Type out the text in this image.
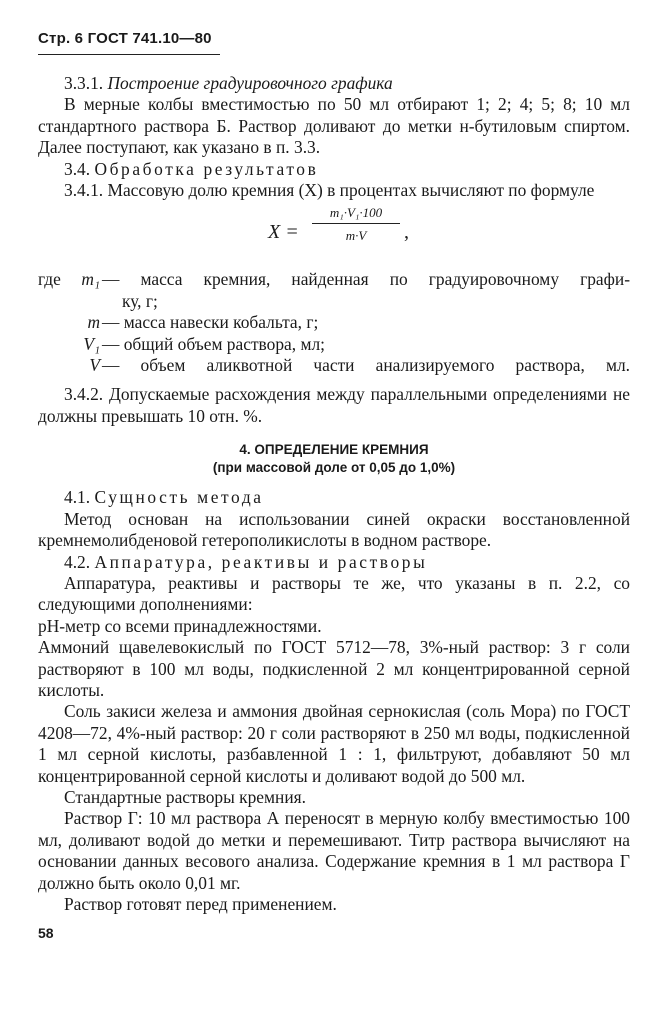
Стр. 6 ГОСТ 741.10—80

3.3.1. Построение градуировочного графика

В мерные колбы вместимостью по 50 мл отбирают 1; 2; 4; 5; 8; 10 мл стандартного раствора Б. Раствор доливают до метки н-бутиловым спиртом. Далее поступают, как указано в п. 3.3.

3.4. Обработка результатов

3.4.1. Массовую долю кремния (X) в процентах вычисляют по формуле

X =
m₁·V₁·100
m·V	,
где	m₁ — масса кремния, найденная по градуировочному графи-
ку, г;
m — масса навески кобальта, г;
V₁ — общий объем раствора, мл;
V — объем аликвотной части анализируемого раствора, мл.

3.4.2. Допускаемые расхождения между параллельными определениями не должны превышать 10 отн. %.

4. ОПРЕДЕЛЕНИЕ КРЕМНИЯ
(при массовой доле от 0,05 до 1,0%)

4.1. Сущность метода

Метод основан на использовании синей окраски восстановленной кремнемолибденовой гетерополикислоты в водном растворе.

4.2. Аппаратура, реактивы и растворы

Аппаратура, реактивы и растворы те же, что указаны в п. 2.2, со следующими дополнениями:

рН-метр со всеми принадлежностями.

Аммоний щавелевокислый по ГОСТ 5712—78, 3%-ный раствор: 3 г соли растворяют в 100 мл воды, подкисленной 2 мл концентрированной серной кислоты.

Соль закиси железа и аммония двойная сернокислая (соль Мора) по ГОСТ 4208—72, 4%-ный раствор: 20 г соли растворяют в 250 мл воды, подкисленной 1 мл серной кислоты, разбавленной 1 : 1, фильтруют, добавляют 50 мл концентрированной серной кислоты и доливают водой до 500 мл.

Стандартные растворы кремния.

Раствор Г: 10 мл раствора А переносят в мерную колбу вместимостью 100 мл, доливают водой до метки и перемешивают. Титр раствора вычисляют на основании данных весового анализа. Содержание кремния в 1 мл раствора Г должно быть около 0,01 мг.

Раствор готовят перед применением.

58
